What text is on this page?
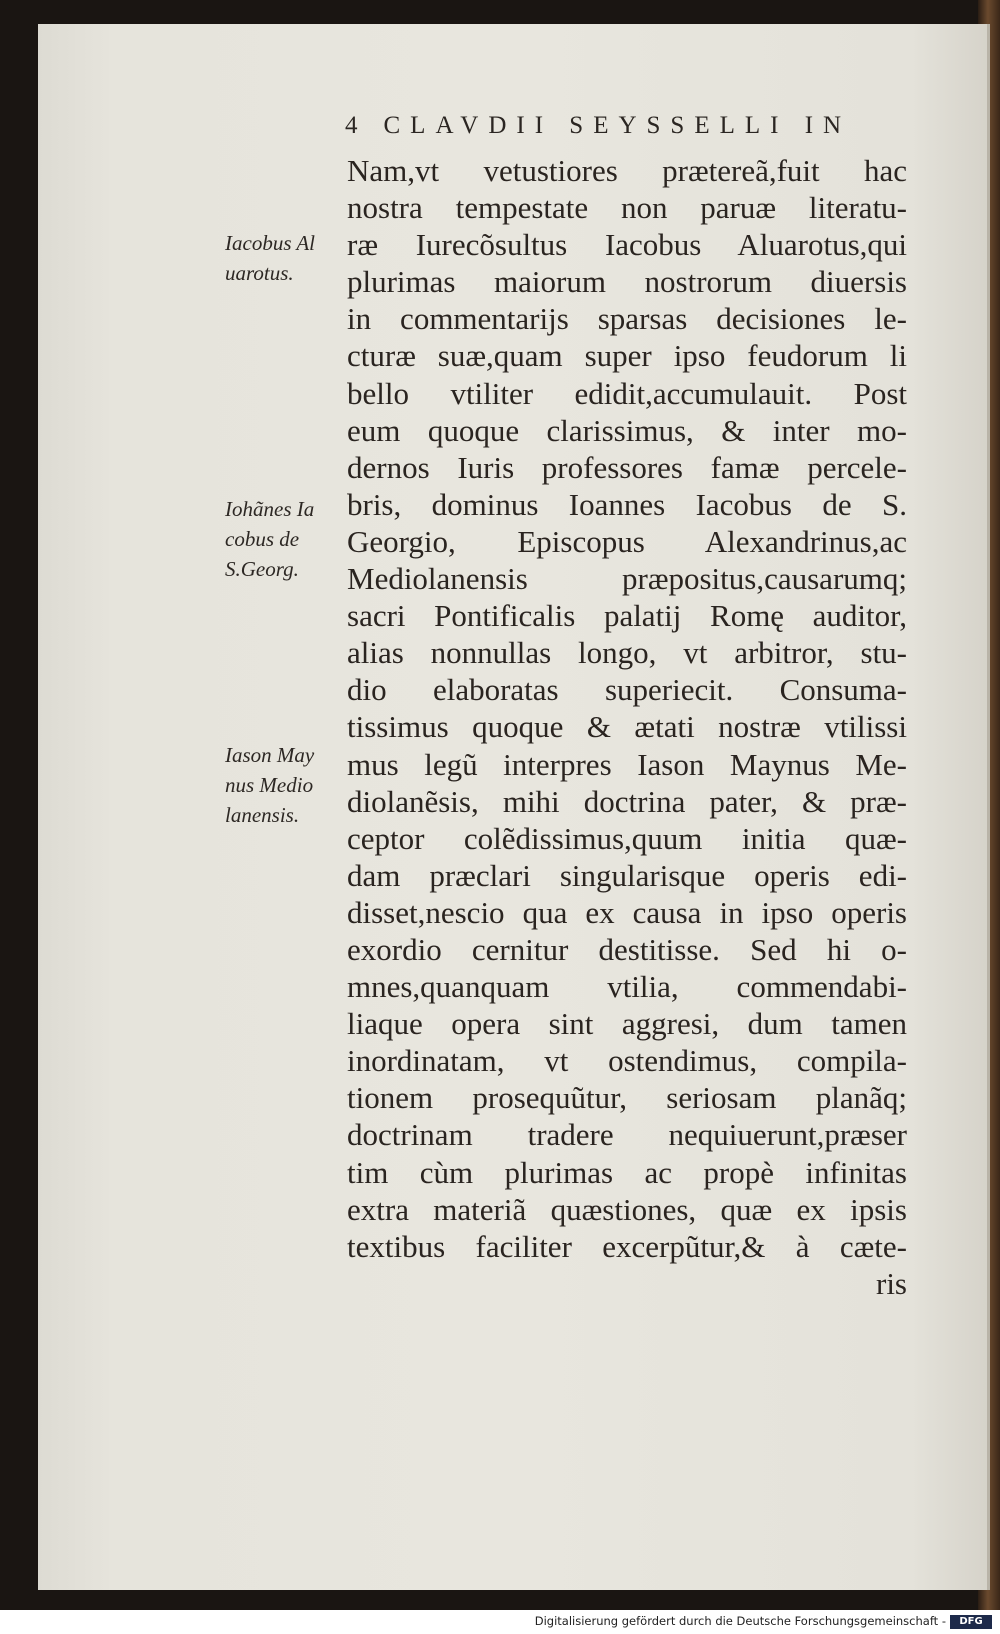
4 CLAVDII SEYSSELLI IN
Iacobus Al
uarotus.
Iohãnes Ia
cobus de
S.Georg.
Iason May
nus Medio
lanensis.
Nam,vt vetustiores prætereã,fuit hac
nostra tempestate non paruæ literatu-
ræ Iurecõsultus Iacobus Aluarotus,qui
plurimas maiorum nostrorum diuersis
in commentarijs sparsas decisiones le-
cturæ suæ,quam super ipso feudorum li
bello vtiliter edidit,accumulauit. Post
eum quoque clarissimus, & inter mo-
dernos Iuris professores famæ percele-
bris, dominus Ioannes Iacobus de S.
Georgio, Episcopus Alexandrinus,ac
Mediolanensis præpositus,causarumq;
sacri Pontificalis palatij Romę auditor,
alias nonnullas longo, vt arbitror, stu-
dio elaboratas superiecit. Consuma-
tissimus quoque & ætati nostræ vtilissi
mus legũ interpres Iason Maynus Me-
diolanẽsis, mihi doctrina pater, & præ-
ceptor colẽdissimus,quum initia quæ-
dam præclari singularisque operis edi-
disset,nescio qua ex causa in ipso operis
exordio cernitur destitisse. Sed hi o-
mnes,quanquam vtilia, commendabi-
liaque opera sint aggresi, dum tamen
inordinatam, vt ostendimus, compila-
tionem prosequũtur, seriosam planãq;
doctrinam tradere nequiuerunt,præser
tim cùm plurimas ac propè infinitas
extra materiã quæstiones, quæ ex ipsis
textibus faciliter excerpũtur,& à cæte-
ris
Digitalisierung gefördert durch die Deutsche Forschungsgemeinschaft -	DFG
